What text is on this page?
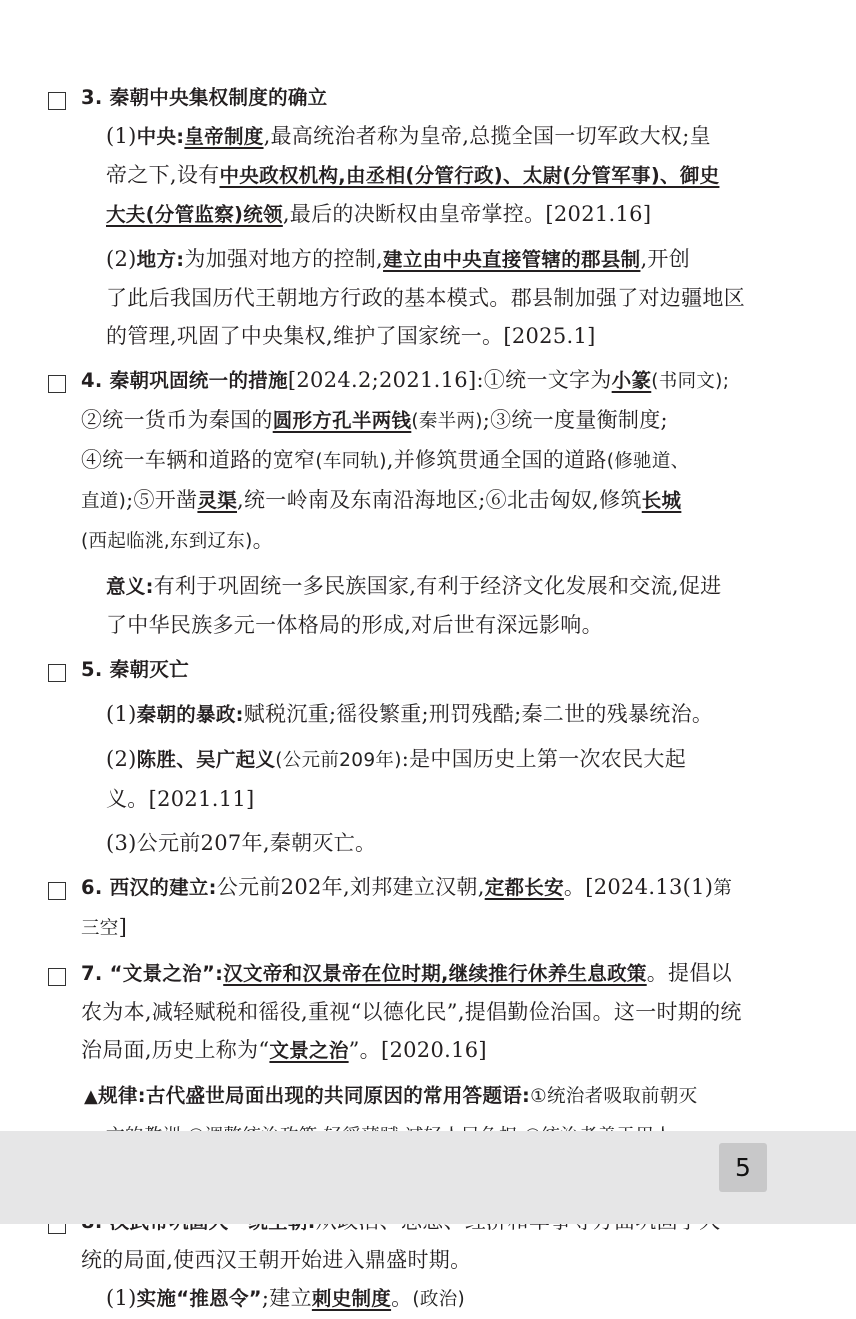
3. 秦朝中央集权制度的确立
(1)中央:皇帝制度,最高统治者称为皇帝,总揽全国一切军政大权;皇
帝之下,设有中央政权机构,由丞相(分管行政)、太尉(分管军事)、御史
大夫(分管监察)统领,最后的决断权由皇帝掌控。[2021.16]
(2)地方:为加强对地方的控制,建立由中央直接管辖的郡县制,开创
了此后我国历代王朝地方行政的基本模式。郡县制加强了对边疆地区
的管理,巩固了中央集权,维护了国家统一。[2025.1]
4. 秦朝巩固统一的措施[2024.2;2021.16]:①统一文字为小篆(书同文);
②统一货币为秦国的圆形方孔半两钱(秦半两);③统一度量衡制度;
④统一车辆和道路的宽窄(车同轨),并修筑贯通全国的道路(修驰道、
直道);⑤开凿灵渠,统一岭南及东南沿海地区;⑥北击匈奴,修筑长城
(西起临洮,东到辽东)。
意义:有利于巩固统一多民族国家,有利于经济文化发展和交流,促进
了中华民族多元一体格局的形成,对后世有深远影响。
5. 秦朝灭亡
(1)秦朝的暴政:赋税沉重;徭役繁重;刑罚残酷;秦二世的残暴统治。
(2)陈胜、吴广起义(公元前209年):是中国历史上第一次农民大起
义。[2021.11]
(3)公元前207年,秦朝灭亡。
6. 西汉的建立:公元前202年,刘邦建立汉朝,定都长安。[2024.13(1)第
三空]
7. “文景之治”:汉文帝和汉景帝在位时期,继续推行休养生息政策。提倡以
农为本,减轻赋税和徭役,重视“以德化民”,提倡勤俭治国。这一时期的统
治局面,历史上称为“文景之治”。[2020.16]
▲规律:古代盛世局面出现的共同原因的常用答题语:①统治者吸取前朝灭
统的局面,使西汉王朝开始进入鼎盛时期。
(1)实施“推恩令”;建立刺史制度。(政治)
5
